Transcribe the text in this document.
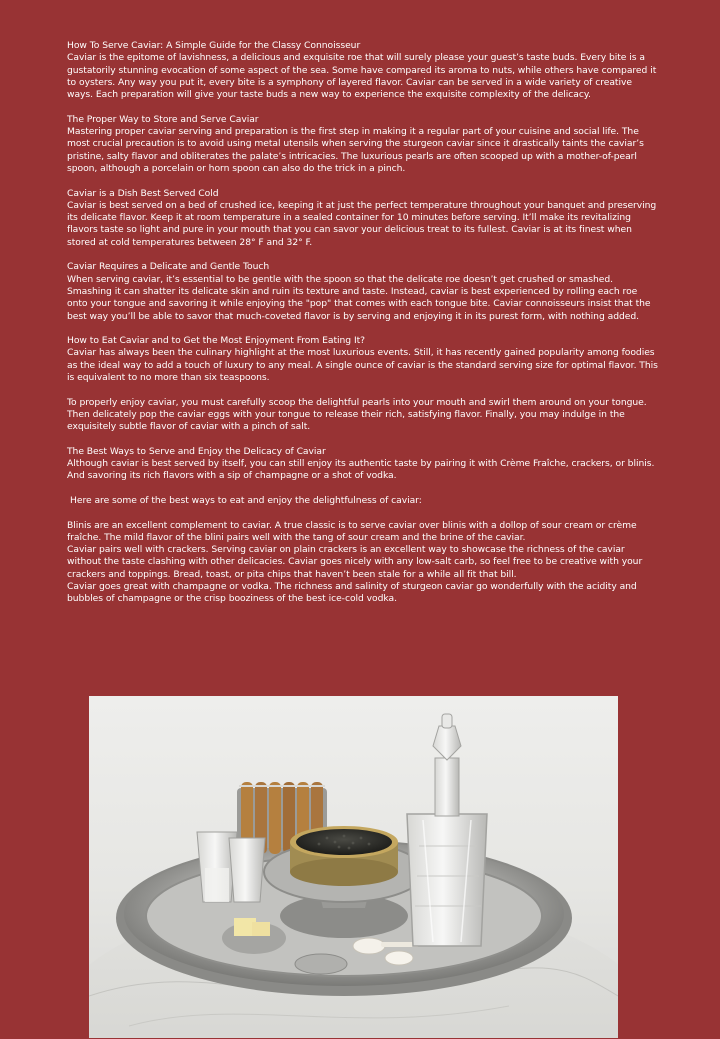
How To Serve Caviar: A Simple Guide for the Classy Connoisseur

Caviar is the epitome of lavishness, a delicious and exquisite roe that will surely please your guest’s taste buds. Every bite is a gustatorily stunning evocation of some aspect of the sea. Some have compared its aroma to nuts, while others have compared it to oysters. Any way you put it, every bite is a symphony of layered flavor. Caviar can be served in a wide variety of creative ways. Each preparation will give your taste buds a new way to experience the exquisite complexity of the delicacy.

The Proper Way to Store and Serve Caviar

Mastering proper caviar serving and preparation is the first step in making it a regular part of your cuisine and social life. The most crucial precaution is to avoid using metal utensils when serving the sturgeon caviar since it drastically taints the caviar’s pristine, salty flavor and obliterates the palate’s intricacies. The luxurious pearls are often scooped up with a mother-of-pearl spoon, although a porcelain or horn spoon can also do the trick in a pinch.

Caviar is a Dish Best Served Cold

Caviar is best served on a bed of crushed ice, keeping it at just the perfect temperature throughout your banquet and preserving its delicate flavor. Keep it at room temperature in a sealed container for 10 minutes before serving. It’ll make its revitalizing flavors taste so light and pure in your mouth that you can savor your delicious treat to its fullest. Caviar is at its finest when stored at cold temperatures between 28° F and 32° F.

Caviar Requires a Delicate and Gentle Touch

When serving caviar, it’s essential to be gentle with the spoon so that the delicate roe doesn’t get crushed or smashed. Smashing it can shatter its delicate skin and ruin its texture and taste. Instead, caviar is best experienced by rolling each roe onto your tongue and savoring it while enjoying the "pop" that comes with each tongue bite. Caviar connoisseurs insist that the best way you’ll be able to savor that much-coveted flavor is by serving and enjoying it in its purest form, with nothing added.

How to Eat Caviar and to Get the Most Enjoyment From Eating It?

Caviar has always been the culinary highlight at the most luxurious events. Still, it has recently gained popularity among foodies as the ideal way to add a touch of luxury to any meal. A single ounce of caviar is the standard serving size for optimal flavor. This is equivalent to no more than six teaspoons.

To properly enjoy caviar, you must carefully scoop the delightful pearls into your mouth and swirl them around on your tongue. Then delicately pop the caviar eggs with your tongue to release their rich, satisfying flavor. Finally, you may indulge in the exquisitely subtle flavor of caviar with a pinch of salt.

The Best Ways to Serve and Enjoy the Delicacy of Caviar

Although caviar is best served by itself, you can still enjoy its authentic taste by pairing it with Crème Fraîche, crackers, or blinis. And savoring its rich flavors with a sip of champagne or a shot of vodka.

Here are some of the best ways to eat and enjoy the delightfulness of caviar:
Blinis are an excellent complement to caviar. A true classic is to serve caviar over blinis with a dollop of sour cream or crème fraîche. The mild flavor of the blini pairs well with the tang of sour cream and the brine of the caviar.
Caviar pairs well with crackers. Serving caviar on plain crackers is an excellent way to showcase the richness of the caviar without the taste clashing with other delicacies. Caviar goes nicely with any low-salt carb, so feel free to be creative with your crackers and toppings. Bread, toast, or pita chips that haven’t been stale for a while all fit that bill.
Caviar goes great with champagne or vodka. The richness and salinity of sturgeon caviar go wonderfully with the acidity and bubbles of champagne or the crisp booziness of the best ice-cold vodka.
